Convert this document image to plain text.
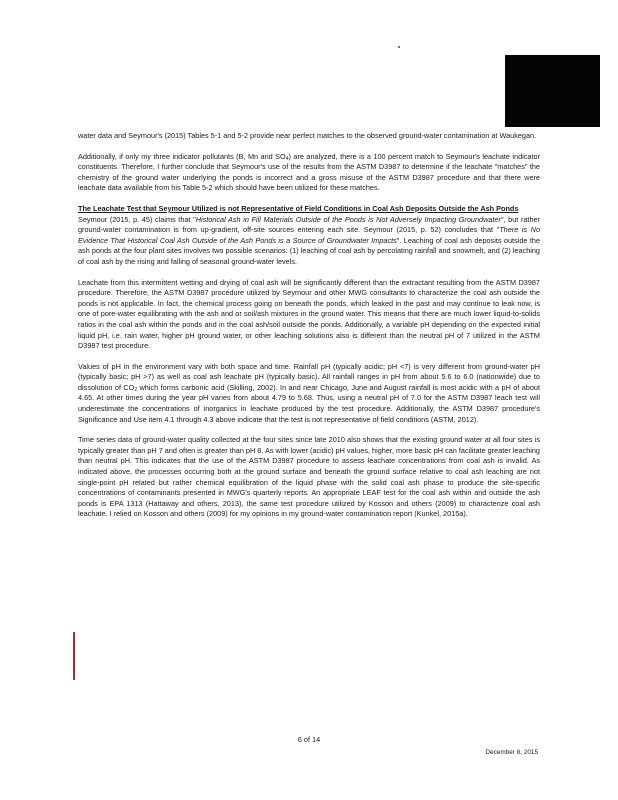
water data and Seymour's (2015) Tables 5-1 and 5-2 provide near perfect matches to the observed ground-water contamination at Waukegan.

Additionally, if only my three indicator pollutants (B, Mn and $SO_4$) are analyzed, there is a 100 percent match to Seymour's leachate indicator constituents. Therefore, I further conclude that Seymour's use of the results from the ASTM D3987 to determine if the leachate "matches" the chemistry of the ground water underlying the ponds is incorrect and a gross misuse of the ASTM D3987 procedure and that there were leachate data available from his Table 5-2 which should have been utilized for these matches.

The Leachate Test that Seymour Utilized is not Representative of Field Conditions in Coal Ash Deposits Outside the Ash Ponds

Seymour (2015, p. 45) claims that "Historical Ash in Fill Materials Outside of the Ponds is Not Adversely Impacting Groundwater", but rather ground-water contamination is from up-gradient, off-site sources entering each site. Seymour (2015, p. 52) concludes that "There is No Evidence That Historical Coal Ash Outside of the Ash Ponds is a Source of Groundwater Impacts". Leaching of coal ash deposits outside the ash ponds at the four plant sites involves two possible scenarios: (1) leaching of coal ash by percolating rainfall and snowmelt, and (2) leaching of coal ash by the rising and falling of seasonal ground-water levels.

Leachate from this intermittent wetting and drying of coal ash will be significantly different than the extractant resulting from the ASTM D3987 procedure. Therefore, the ASTM D3987 procedure utilized by Seymour and other MWG consultants to characterize the coal ash outside the ponds is not applicable. In fact, the chemical process going on beneath the ponds, which leaked in the past and may continue to leak now, is one of pore-water equilibrating with the ash and or soil/ash mixtures in the ground water. This means that there are much lower liquid-to-solids ratios in the coal ash within the ponds and in the coal ash/soil outside the ponds. Additionally, a variable pH depending on the expected initial liquid pH, i.e. rain water, higher pH ground water, or other leaching solutions also is different than the neutral pH of 7 utilized in the ASTM D3987 test procedure.

Values of pH in the environment vary with both space and time. Rainfall pH (typically acidic; pH <7) is very different from ground-water pH (typically basic; pH >7) as well as coal ash leachate pH (typically basic). All rainfall ranges in pH from about 5.6 to 6.0 (nationwide) due to dissolution of $CO_2$ which forms carbonic acid (Skilling, 2002). In and near Chicago, June and August rainfall is most acidic with a pH of about 4.65. At other times during the year pH varies from about 4.79 to 5.68. Thus, using a neutral pH of 7.0 for the ASTM D3987 leach test will underestimate the concentrations of inorganics in leachate produced by the test procedure. Additionally, the ASTM D3987 procedure's Significance and Use item 4.1 through 4.3 above indicate that the test is not representative of field conditions (ASTM, 2012).

Time series data of ground-water quality collected at the four sites since late 2010 also shows that the existing ground water at all four sites is typically greater than pH 7 and often is greater than pH 8. As with lower (acidic) pH values, higher, more basic pH can facilitate greater leaching than neutral pH. This indicates that the use of the ASTM D3987 procedure to assess leachate concentrations from coal ash is invalid. As indicated above, the processes occurring both at the ground surface and beneath the ground surface relative to coal ash leaching are not single-point pH related but rather chemical equilibration of the liquid phase with the solid coal ash phase to produce the site-specific concentrations of contaminants presented in MWG's quarterly reports. An appropriate LEAF test for the coal ash within and outside the ash ponds is EPA 1313 (Hattaway and others, 2013), the same test procedure utilized by Kosson and others (2009) to characterize coal ash leachate. I relied on Kosson and others (2009) for my opinions in my ground-water contamination report (Kunkel, 2015a).

6 of 14
December 8, 2015
